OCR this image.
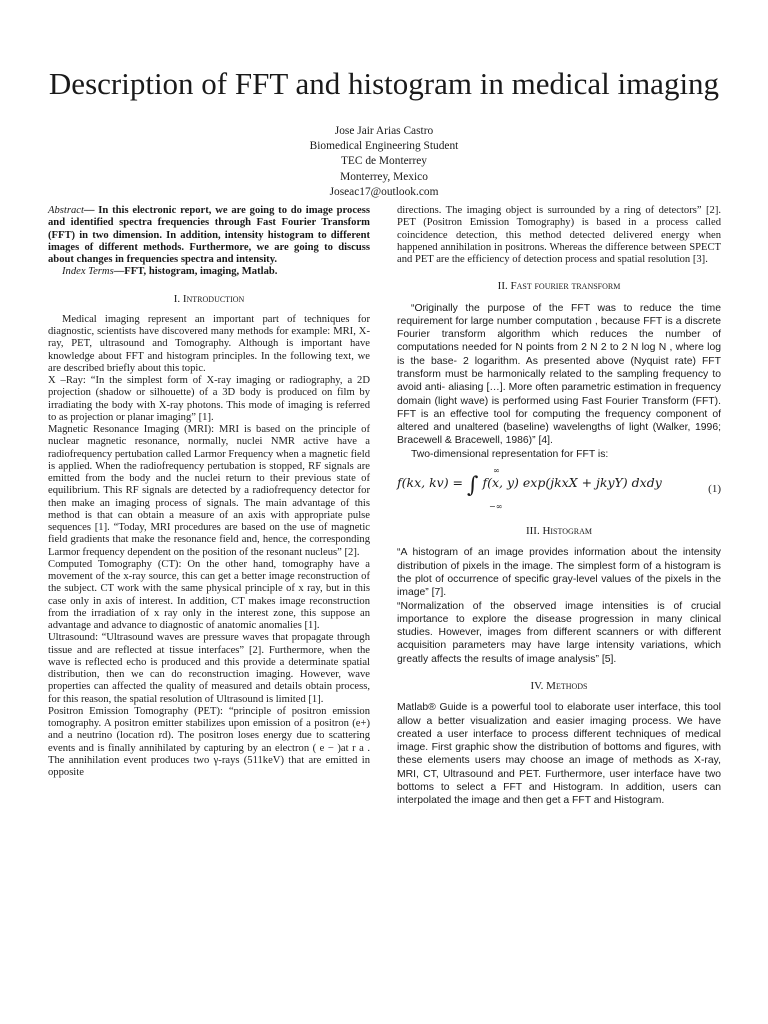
Description of FFT and histogram in medical imaging
Jose Jair Arias Castro
Biomedical Engineering Student
TEC de Monterrey
Monterrey, Mexico
Joseac17@outlook.com

Abstract— In this electronic report, we are going to do image process and identified spectra frequencies through Fast Fourier Transform (FFT) in two dimension. In addition, intensity histogram to different images of different methods. Furthermore, we are going to discuss about changes in frequencies spectra and intensity.

Index Terms—FFT, histogram, imaging, Matlab.

I. Introduction

Medical imaging represent an important part of techniques for diagnostic, scientists have discovered many methods for example: MRI, X-ray, PET, ultrasound and Tomography. Although is important have knowledge about FFT and histogram principles. In the following text, we are described briefly about this topic.

X –Ray: “In the simplest form of X-ray imaging or radiography, a 2D projection (shadow or silhouette) of a 3D body is produced on film by irradiating the body with X-ray photons. This mode of imaging is referred to as projection or planar imaging” [1].

Magnetic Resonance Imaging (MRI): MRI is based on the principle of nuclear magnetic resonance, normally, nuclei NMR active have a radiofrequency pertubation called Larmor Frequency when a magnetic field is applied. When the radiofrequency pertubation is stopped, RF signals are emitted from the body and the nuclei return to their previous state of equilibrium. This RF signals are detected by a radiofrequency detector for then make an imaging process of signals. The main advantage of this method is that can obtain a measure of an axis with appropriate pulse sequences [1]. “Today, MRI procedures are based on the use of magnetic field gradients that make the resonance field and, hence, the corresponding Larmor frequency dependent on the position of the resonant nucleus” [2].

Computed Tomography (CT): On the other hand, tomography have a movement of the x-ray source, this can get a better image reconstruction of the subject. CT work with the same physical principle of x ray, but in this case only in axis of interest. In addition, CT makes image reconstruction from the irradiation of x ray only in the interest zone, this suppose an advantage and advance to diagnostic of anatomic anomalies [1].

Ultrasound: “Ultrasound waves are pressure waves that propagate through tissue and are reflected at tissue interfaces” [2]. Furthermore, when the wave is reflected echo is produced and this provide a determinate spatial distribution, then we can do reconstruction imaging. However, wave properties can affected the quality of measured and details obtain process, for this reason, the spatial resolution of Ultrasound is limited [1].

Positron Emission Tomography (PET): “principle of positron emission tomography. A positron emitter stabilizes upon emission of a positron (e+) and a neutrino (location rd). The positron loses energy due to scattering events and is finally annihilated by capturing by an electron ( e − )at r a . The annihilation event produces two γ-rays (511keV) that are emitted in opposite

directions. The imaging object is surrounded by a ring of detectors” [2]. PET (Positron Emission Tomography) is based in a process called coincidence detection, this method detected delivered energy when happened annihilation in positrons. Whereas the difference between SPECT and PET are the efficiency of detection process and spatial resolution [3].

II. Fast fourier transform

“Originally the purpose of the FFT was to reduce the time requirement for large number computation , because FFT is a discrete Fourier transform algorithm which reduces the number of computations needed for N points from 2 N 2 to 2 N log N , where log is the base- 2 logarithm. As presented above (Nyquist rate) FFT transform must be harmonically related to the sampling frequency to avoid anti- aliasing […]. More often parametric estimation in frequency domain (light wave) is performed using Fast Fourier Transform (FFT). FFT is an effective tool for computing the frequency component of altered and unaltered (baseline) wavelengths of light (Walker, 1996; Bracewell & Bracewell, 1986)” [4].

Two-dimensional representation for FFT is:

f(kx, kv) = ∫ f(x, y) exp(jkxX + jkyY) dxdy
∞
−∞
(1)
III. Histogram

“A histogram of an image provides information about the intensity distribution of pixels in the image. The simplest form of a histogram is the plot of occurrence of specific gray-level values of the pixels in the image” [7].

“Normalization of the observed image intensities is of crucial importance to explore the disease progression in many clinical studies. However, images from different scanners or with different acquisition parameters may have large intensity variations, which greatly affects the results of image analysis” [5].

IV. Methods

Matlab® Guide is a powerful tool to elaborate user interface, this tool allow a better visualization and easier imaging process. We have created a user interface to process different techniques of medical image. First graphic show the distribution of bottoms and figures, with these elements users may choose an image of methods as X-ray, MRI, CT, Ultrasound and PET. Furthermore, user interface have two bottoms to select a FFT and Histogram. In addition, users can interpolated the image and then get a FFT and Histogram.
